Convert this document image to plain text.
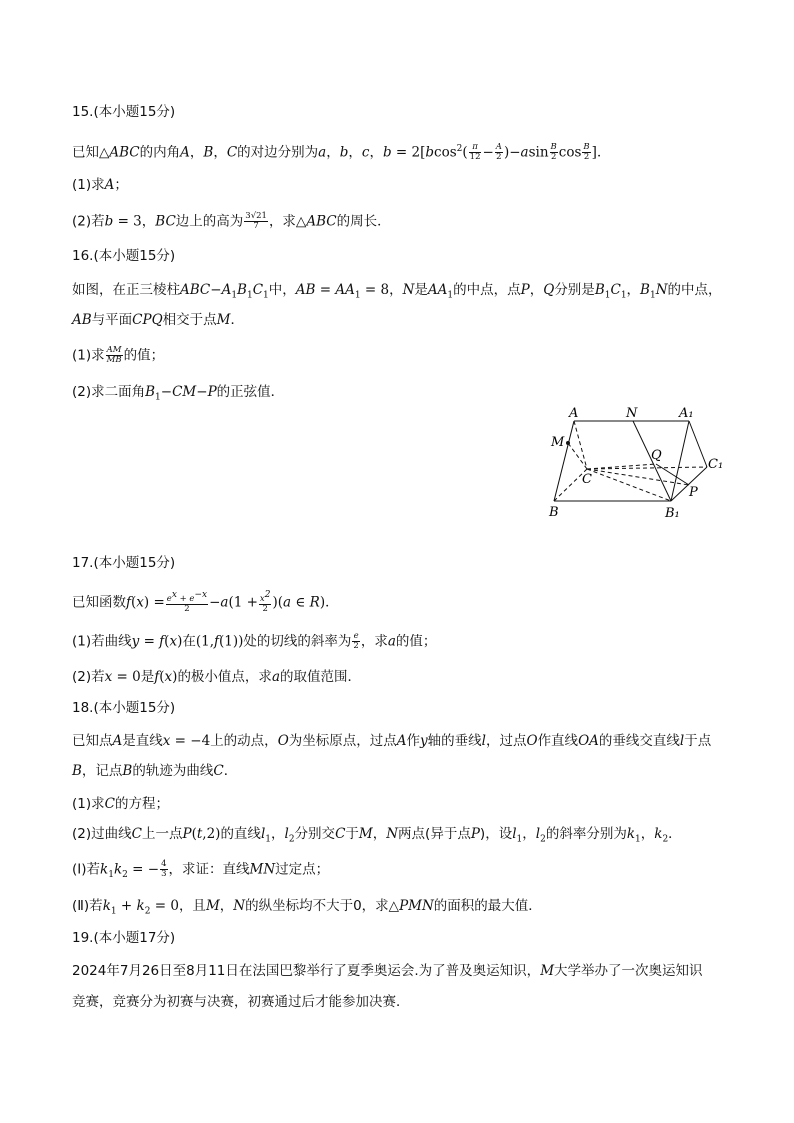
15.(本小题15分)
已知△ABC的内角A，B，C的对边分别为a，b，c，$b = 2[bcos^2( \frac{\pi}{12} - \frac{A}{2} )-asin \frac{B}{2}$ $\cos \frac{B}{2}$ ]．
(1)求A；
(2)若b = 3，BC边上的高为 $\frac{3√21}{7}$ ，求△ABC的周长．
16.(本小题15分)
如图，在正三棱柱$ABC-A_1B_1C_1$中，AB = $AA_1 = 8$，N是$AA_1$的中点，点P，Q分别是$B_1C_1$，$B_1N$的中点，
AB与平面CPQ相交于点M．
(1)求 $\frac{AM}{MB}$ 的值；
(2)求二面角$B_1-CM-P$的正弦值．
A	N	A₁
M
Q
C
C₁
P
B	B₁
17.(本小题15分)
已知函数$f(x) = \frac{e^x + e^{-x}}{2} -a(1 + \frac{x^2}{2} )(a$ ∈ R)．
(1)若曲线y = f(x)在(1,f(1))处的切线的斜率为 $\frac{e}{2}$ ，求a的值；
(2)若x = 0是f(x)的极小值点，求a的取值范围．
18.(本小题15分)
已知点A是直线x = −4上的动点，O为坐标原点，过点A作y轴的垂线l，过点O作直线OA的垂线交直线l于点
B，记点B的轨迹为曲线C．
(1)求C的方程；
(2)过曲线C上一点P(t,2)的直线$l_1$，$l_2$分别交C于M，N两点(异于点P)，设$l_1$，$l_2$的斜率分别为$k_1$，$k_2$．
(Ⅰ)若$k_1k_2$ = − $\frac{4}{3}$ ，求证：直线MN过定点；
(Ⅱ)若$k_1 + k_2 = 0$，且M，N的纵坐标均不大于0，求△PMN的面积的最大值．
19.(本小题17分)
2024年7月26日至8月11日在法国巴黎举行了夏季奥运会.为了普及奥运知识，M大学举办了一次奥运知识
竞赛，竞赛分为初赛与决赛，初赛通过后才能参加决赛．
